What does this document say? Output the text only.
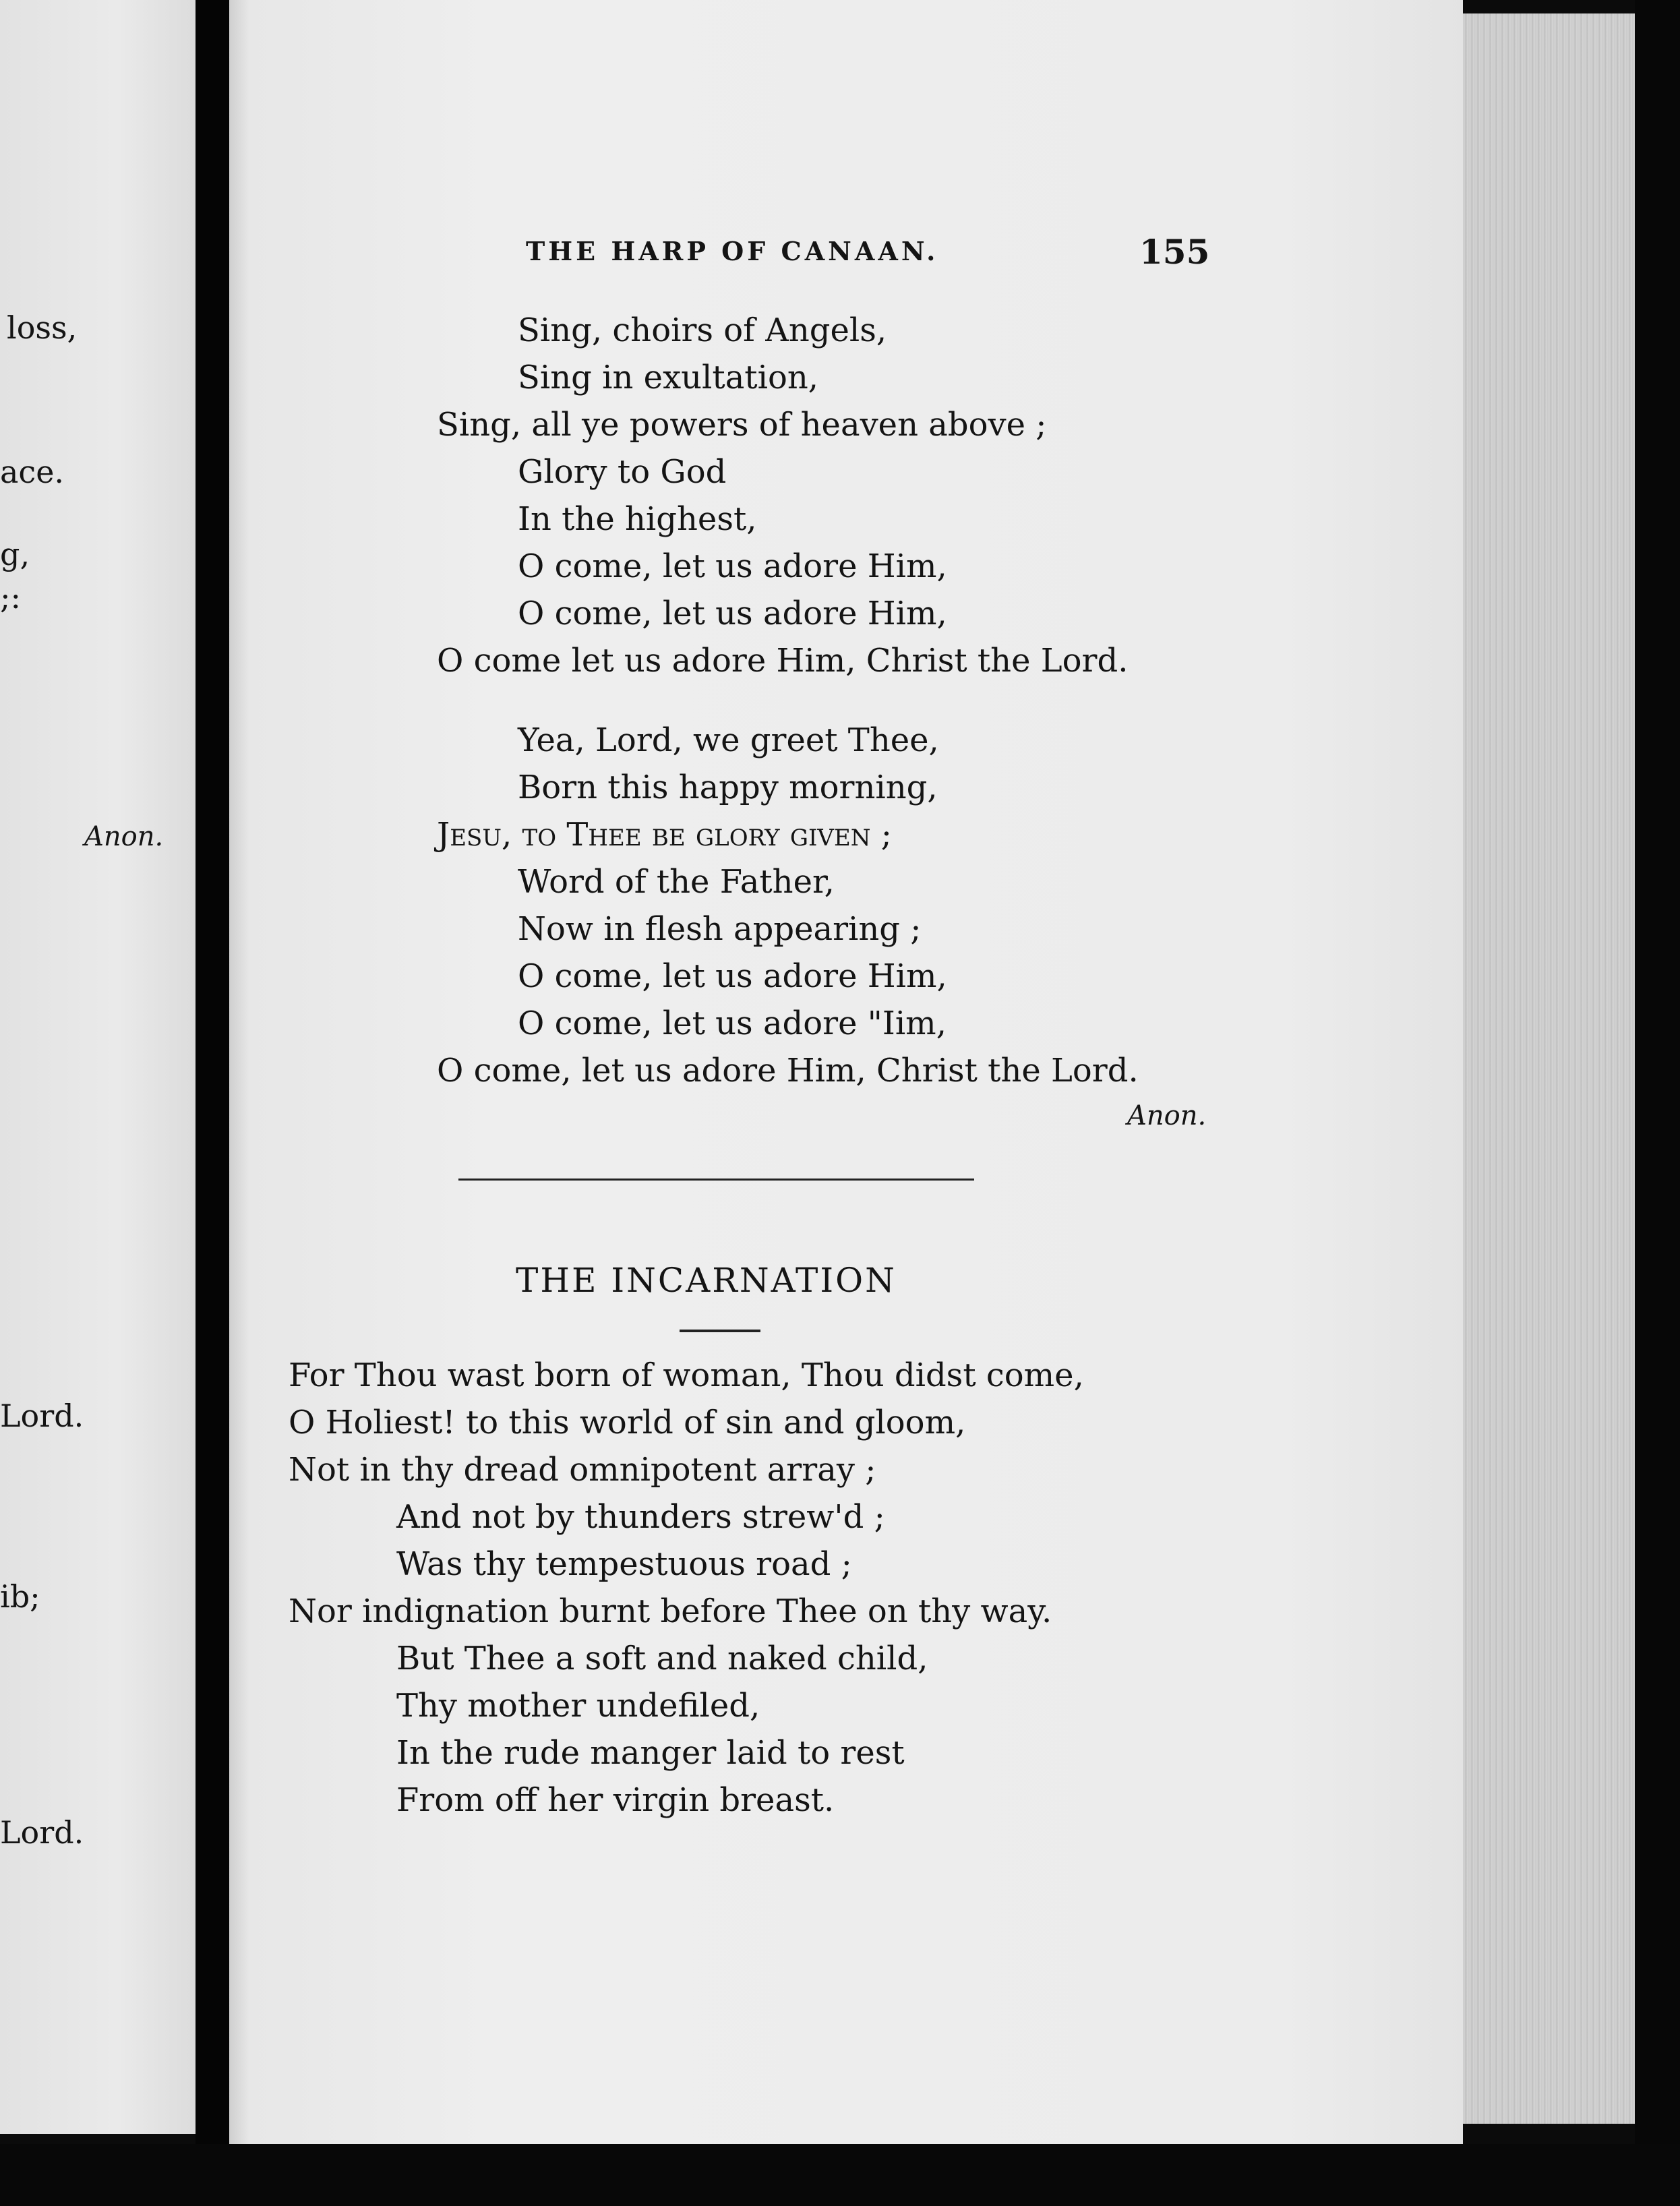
loss,
ace.
g,
;:
Anon.
Lord.
ib;
Lord.
THE HARP OF CANAAN.	155
Sing, choirs of Angels,
Sing in exultation,
Sing, all ye powers of heaven above ;
Glory to God
In the highest,
O come, let us adore Him,
O come, let us adore Him,
O come let us adore Him, Christ the Lord.
Yea, Lord, we greet Thee,
Born this happy morning,
Jesu, to Thee be glory given ;
Word of the Father,
Now in flesh appearing ;
O come, let us adore Him,
O come, let us adore "Iim,
O come, let us adore Him, Christ the Lord.
Anon.
THE INCARNATION
For Thou wast born of woman, Thou didst come,
O Holiest! to this world of sin and gloom,
Not in thy dread omnipotent array ;
And not by thunders strew'd ;
Was thy tempestuous road ;
Nor indignation burnt before Thee on thy way.
But Thee a soft and naked child,
Thy mother undefiled,
In the rude manger laid to rest
From off her virgin breast.
